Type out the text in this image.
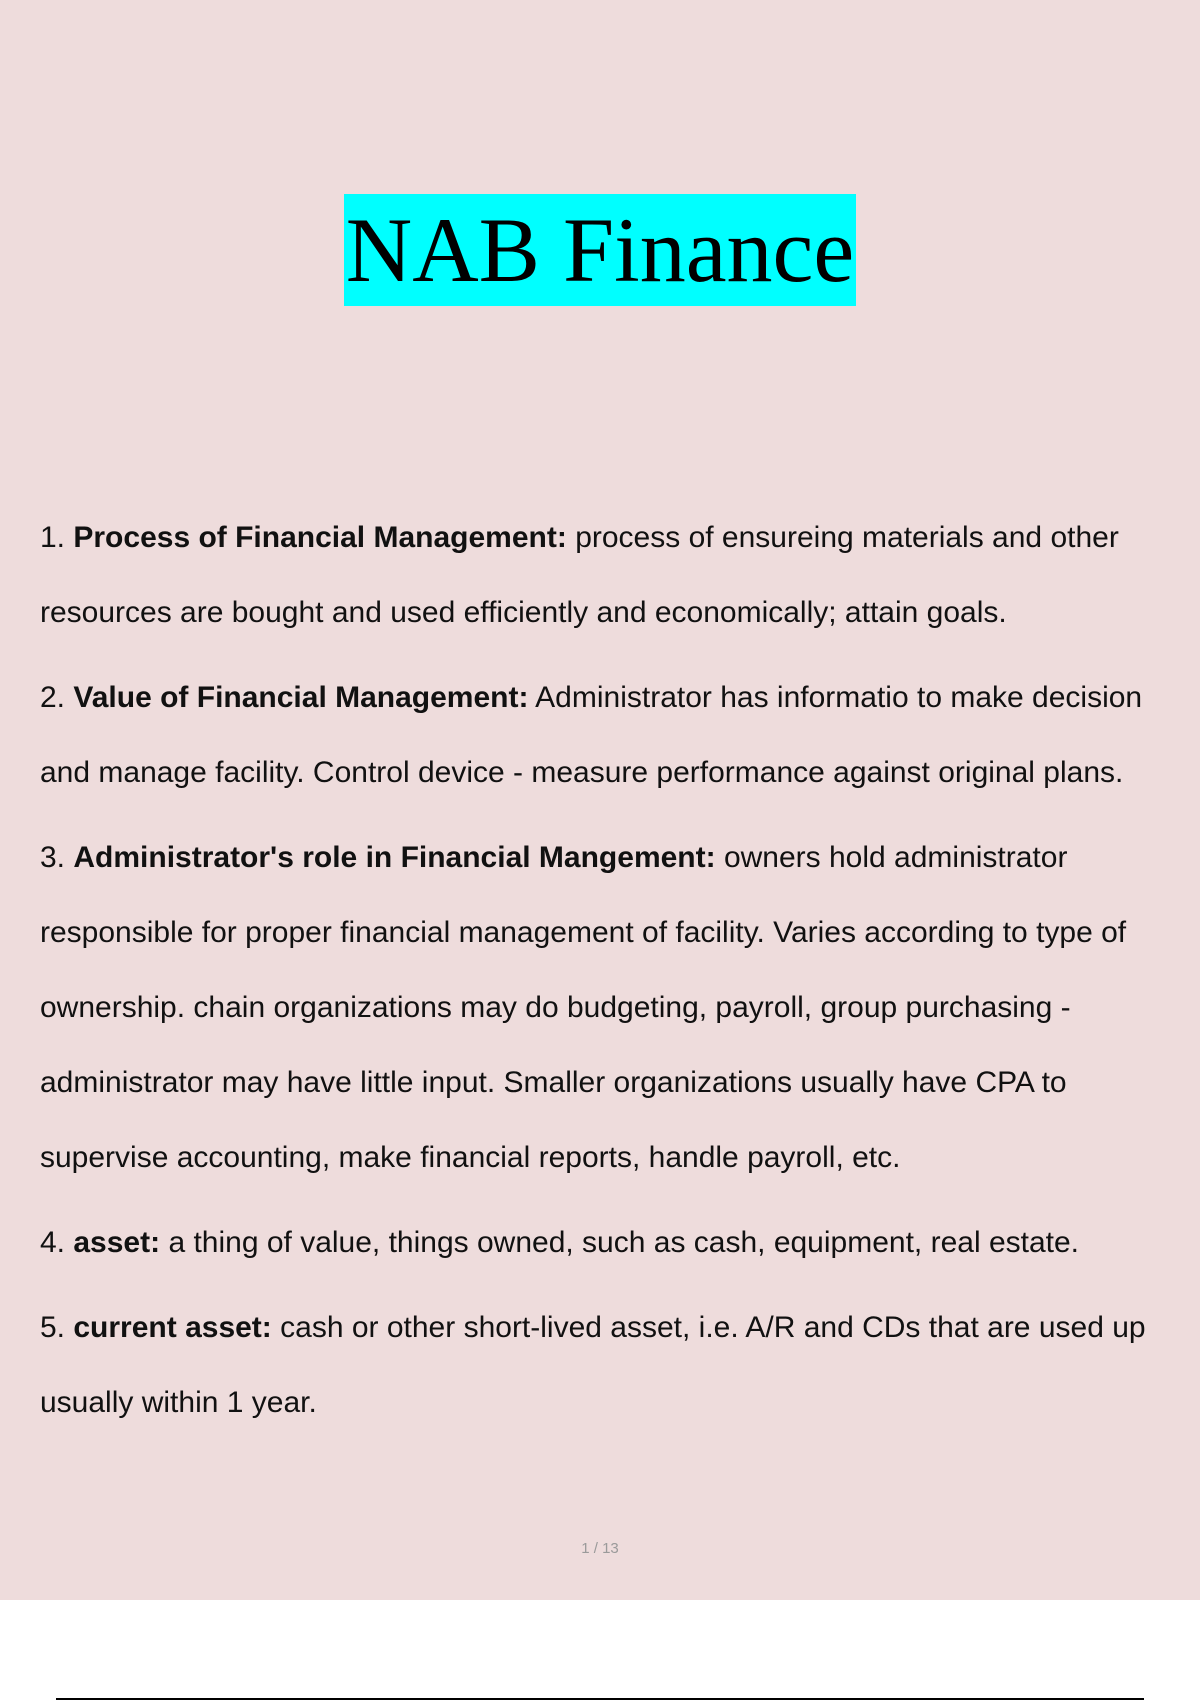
NAB Finance
1. Process of Financial Management: process of ensureing materials and other resources are bought and used efficiently and economically; attain goals.
2. Value of Financial Management: Administrator has informatio to make decision and manage facility. Control device - measure performance against original plans.
3. Administrator's role in Financial Mangement: owners hold administrator responsible for proper financial management of facility. Varies according to type of ownership. chain organizations may do budgeting, payroll, group purchasing - administrator may have little input. Smaller organizations usually have CPA to supervise accounting, make financial reports, handle payroll, etc.
4. asset: a thing of value, things owned, such as cash, equipment, real estate.
5. current asset: cash or other short-lived asset, i.e. A/R and CDs that are used up usually within 1 year.
1 / 13
